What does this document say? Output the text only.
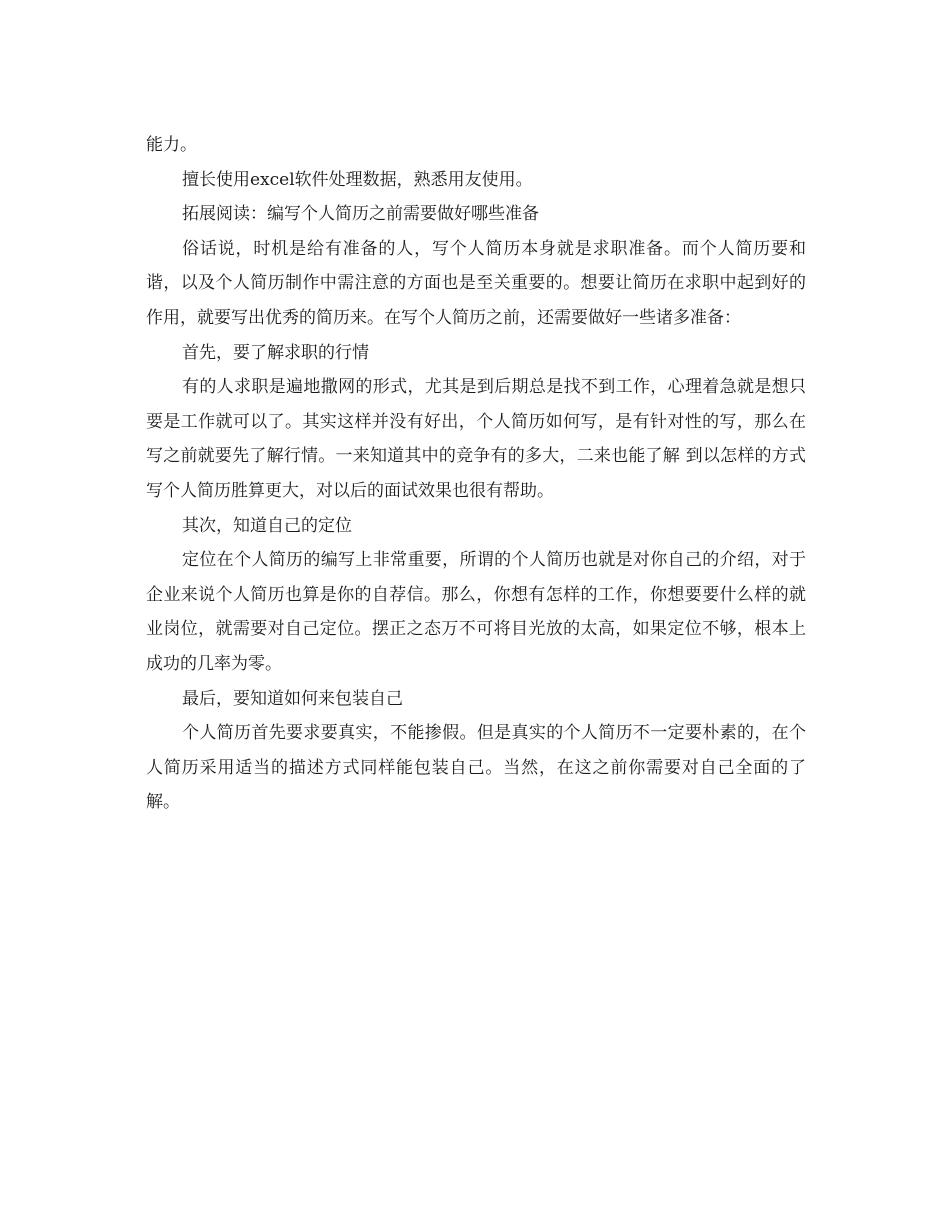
能力。

擅长使用excel软件处理数据，熟悉用友使用。

拓展阅读：编写个人简历之前需要做好哪些准备

俗话说，时机是给有准备的人，写个人简历本身就是求职准备。而个人简历要和谐，以及个人简历制作中需注意的方面也是至关重要的。想要让简历在求职中起到好的作用，就要写出优秀的简历来。在写个人简历之前，还需要做好一些诸多准备：

首先，要了解求职的行情

有的人求职是遍地撒网的形式，尤其是到后期总是找不到工作，心理着急就是想只要是工作就可以了。其实这样并没有好出，个人简历如何写，是有针对性的写，那么在写之前就要先了解行情。一来知道其中的竞争有的多大，二来也能了解 到以怎样的方式写个人简历胜算更大，对以后的面试效果也很有帮助。

其次，知道自己的定位

定位在个人简历的编写上非常重要，所谓的个人简历也就是对你自己的介绍，对于企业来说个人简历也算是你的自荐信。那么，你想有怎样的工作，你想要要什么样的就业岗位，就需要对自己定位。摆正之态万不可将目光放的太高，如果定位不够，根本上成功的几率为零。

最后，要知道如何来包装自己

个人简历首先要求要真实，不能掺假。但是真实的个人简历不一定要朴素的，在个人简历采用适当的描述方式同样能包装自己。当然，在这之前你需要对自己全面的了解。
